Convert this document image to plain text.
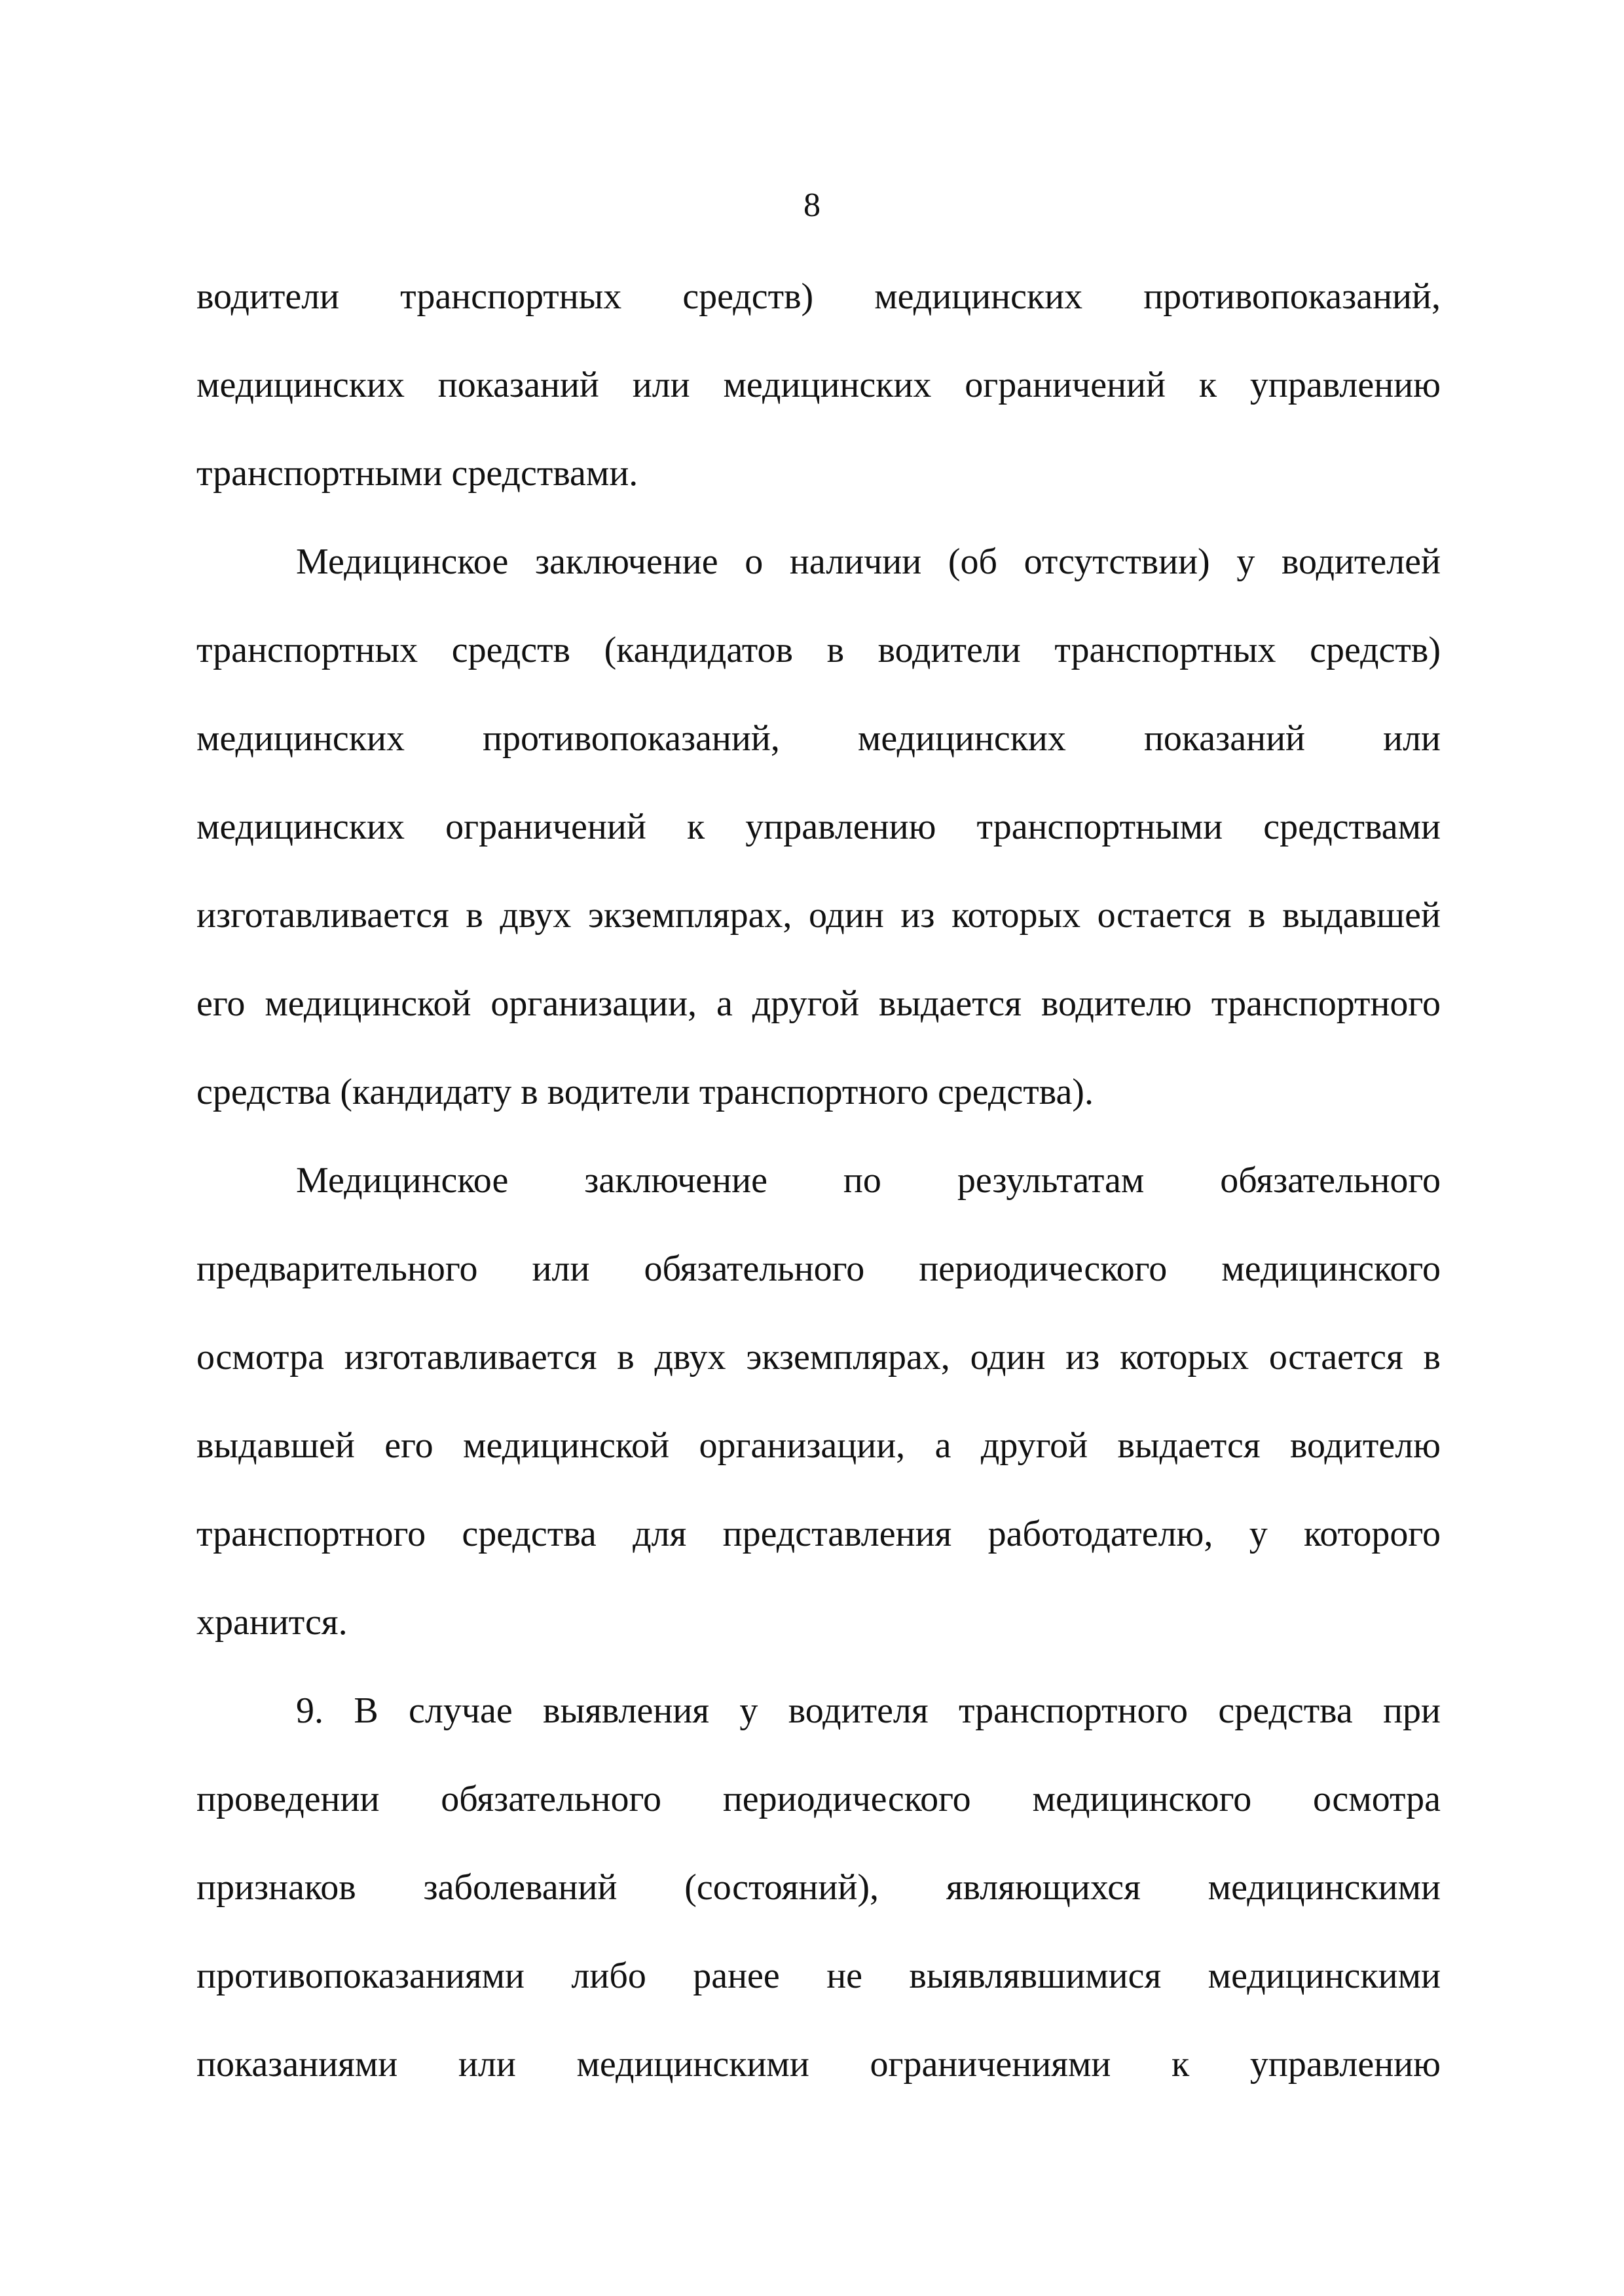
8
водители транспортных средств) медицинских противопоказаний,
медицинских показаний или медицинских ограничений к управлению
транспортными средствами.
Медицинское заключение о наличии (об отсутствии) у водителей
транспортных средств (кандидатов в водители транспортных средств)
медицинских противопоказаний, медицинских показаний или
медицинских ограничений к управлению транспортными средствами
изготавливается в двух экземплярах, один из которых остается в выдавшей
его медицинской организации, а другой выдается водителю транспортного
средства (кандидату в водители транспортного средства).
Медицинское заключение по результатам обязательного
предварительного или обязательного периодического медицинского
осмотра изготавливается в двух экземплярах, один из которых остается в
выдавшей его медицинской организации, а другой выдается водителю
транспортного средства для представления работодателю, у которого
хранится.
9. В случае выявления у водителя транспортного средства при
проведении обязательного периодического медицинского осмотра
признаков заболеваний (состояний), являющихся медицинскими
противопоказаниями либо ранее не выявлявшимися медицинскими
показаниями или медицинскими ограничениями к управлению
